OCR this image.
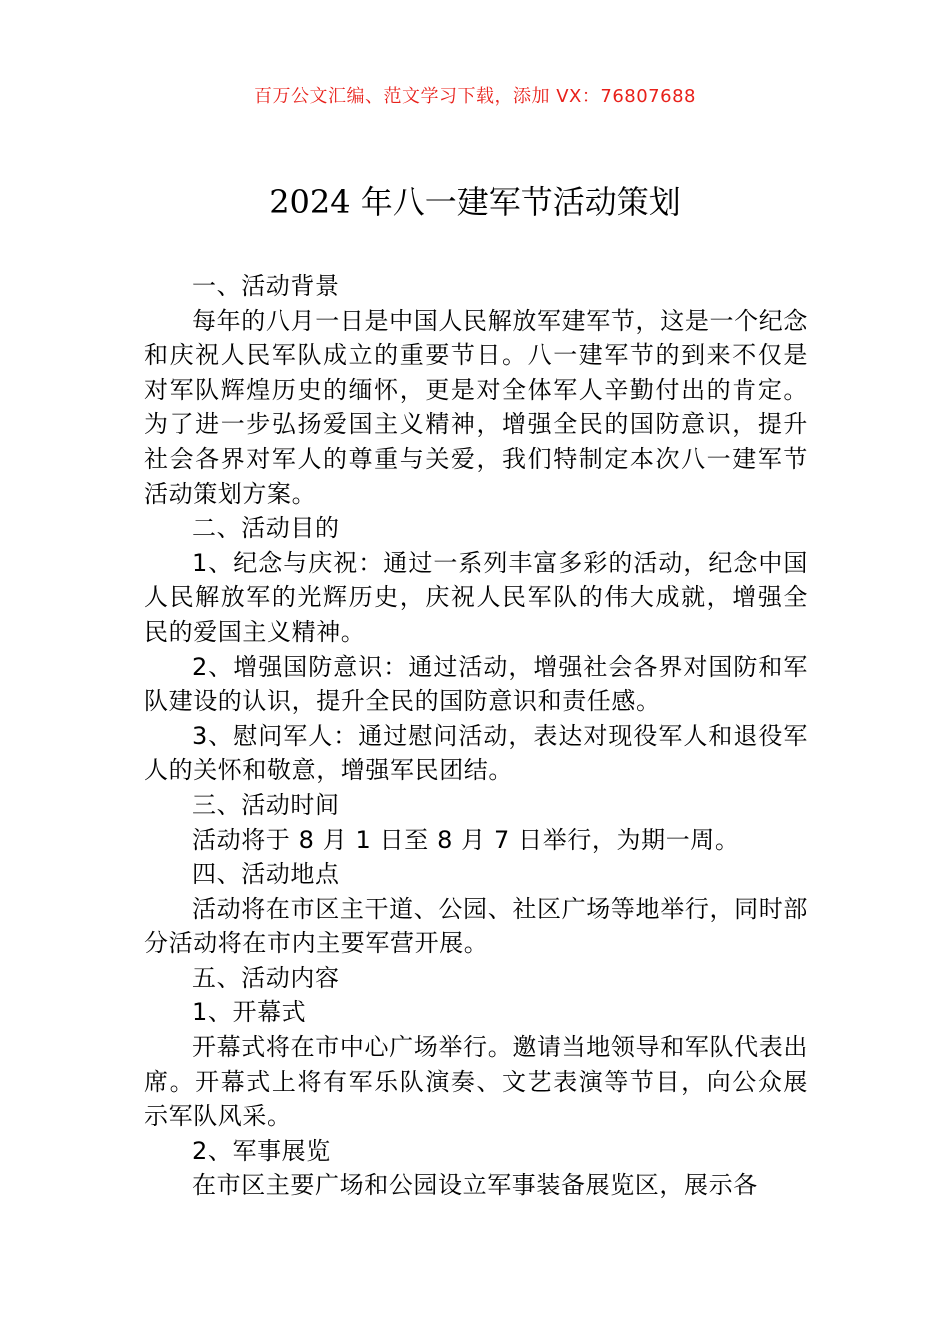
百万公文汇编、范文学习下载，添加 VX：76807688
2024 年八一建军节活动策划

一、活动背景

每年的八月一日是中国人民解放军建军节，这是一个纪念和庆祝人民军队成立的重要节日。八一建军节的到来不仅是对军队辉煌历史的缅怀，更是对全体军人辛勤付出的肯定。为了进一步弘扬爱国主义精神，增强全民的国防意识，提升社会各界对军人的尊重与关爱，我们特制定本次八一建军节活动策划方案。

二、活动目的

1、纪念与庆祝：通过一系列丰富多彩的活动，纪念中国人民解放军的光辉历史，庆祝人民军队的伟大成就，增强全民的爱国主义精神。

2、增强国防意识：通过活动，增强社会各界对国防和军队建设的认识，提升全民的国防意识和责任感。

3、慰问军人：通过慰问活动，表达对现役军人和退役军人的关怀和敬意，增强军民团结。

三、活动时间

活动将于 8 月 1 日至 8 月 7 日举行，为期一周。

四、活动地点

活动将在市区主干道、公园、社区广场等地举行，同时部分活动将在市内主要军营开展。

五、活动内容

1、开幕式

开幕式将在市中心广场举行。邀请当地领导和军队代表出席。开幕式上将有军乐队演奏、文艺表演等节目，向公众展示军队风采。

2、军事展览

在市区主要广场和公园设立军事装备展览区，展示各
